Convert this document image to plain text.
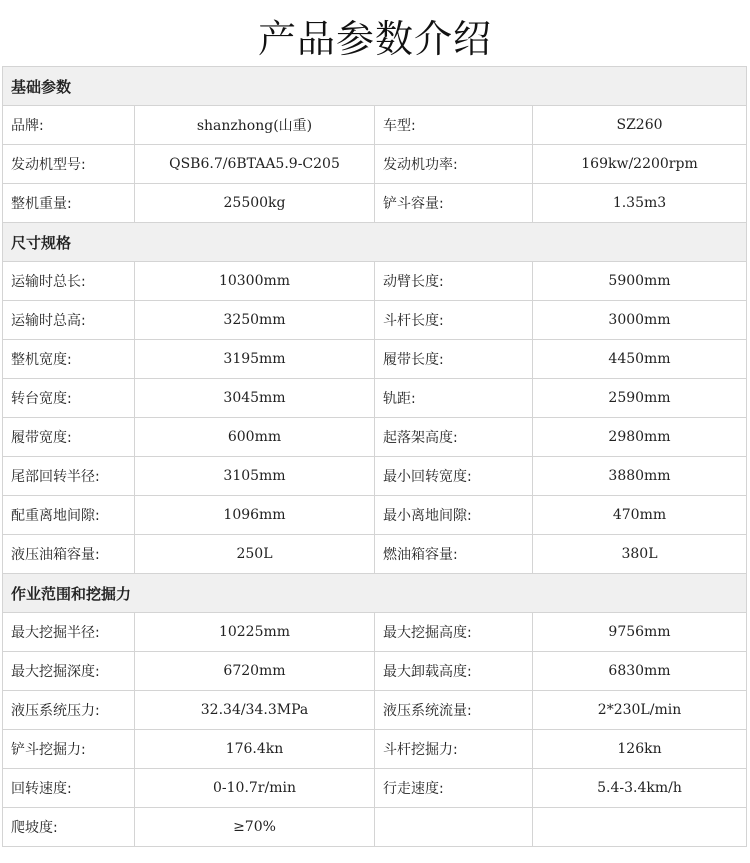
产品参数介绍
基础参数			
品牌:	shanzhong(山重)	车型:	SZ260
发动机型号:	QSB6.7/6BTAA5.9-C205	发动机功率:	169kw/2200rpm
整机重量:	25500kg	铲斗容量:	1.35m3
尺寸规格			
运输时总长:	10300mm	动臂长度:	5900mm
运输时总高:	3250mm	斗杆长度:	3000mm
整机宽度:	3195mm	履带长度:	4450mm
转台宽度:	3045mm	轨距:	2590mm
履带宽度:	600mm	起落架高度:	2980mm
尾部回转半径:	3105mm	最小回转宽度:	3880mm
配重离地间隙:	1096mm	最小离地间隙:	470mm
液压油箱容量:	250L	燃油箱容量:	380L
作业范围和挖掘力			
最大挖掘半径:	10225mm	最大挖掘高度:	9756mm
最大挖掘深度:	6720mm	最大卸载高度:	6830mm
液压系统压力:	32.34/34.3MPa	液压系统流量:	2*230L/min
铲斗挖掘力:	176.4kn	斗杆挖掘力:	126kn
回转速度:	0-10.7r/min	行走速度:	5.4-3.4km/h
爬坡度:	≥70%		
